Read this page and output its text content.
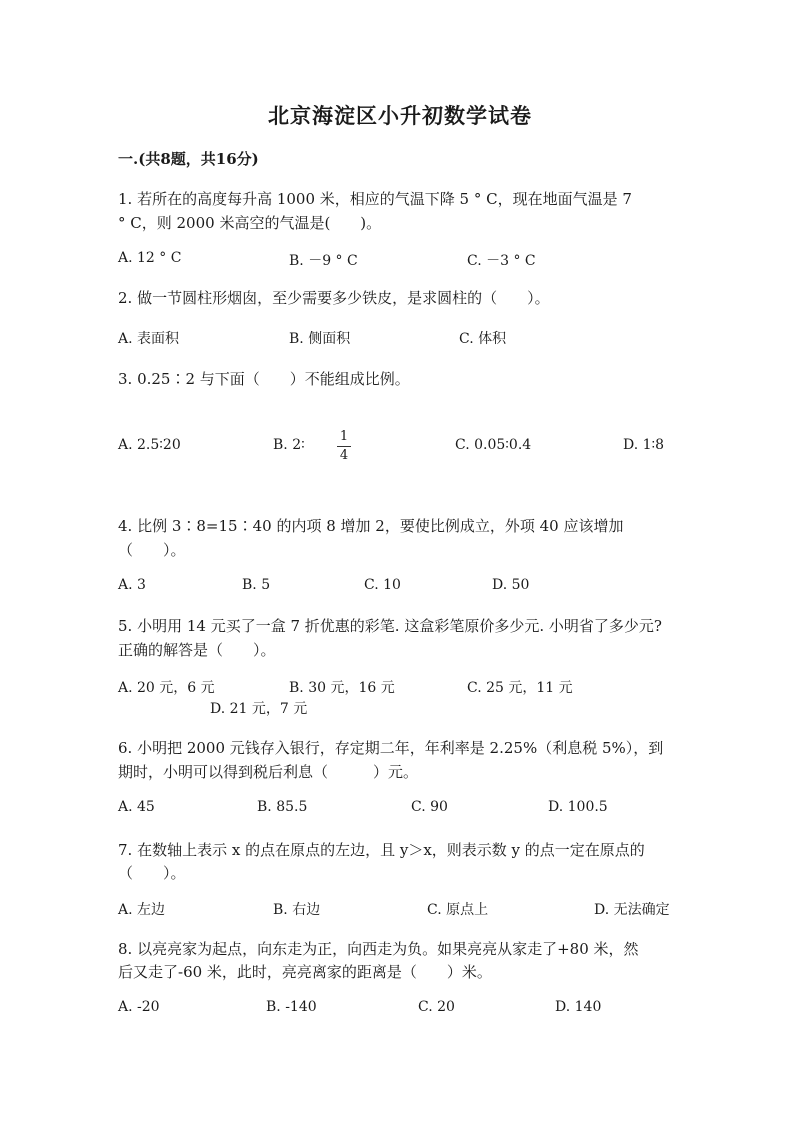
北京海淀区小升初数学试卷
一.(共8题，共16分)
1. 若所在的高度每升高 1000 米，相应的气温下降 5 ° C，现在地面气温是 7
° C，则 2000 米高空的气温是(　　)。
A. 12 ° C	B. －9 ° C	C. －3 ° C
2. 做一节圆柱形烟囱，至少需要多少铁皮，是求圆柱的（　　）。
A. 表面积	B. 侧面积	C. 体积
3. 0.25∶2 与下面（　　）不能组成比例。
A. 2.5∶20	B. 2∶
1
4
C. 0.05∶0.4	D. 1∶8
4. 比例 3∶8=15∶40 的内项 8 增加 2，要使比例成立，外项 40 应该增加
（　　）。
A. 3	B. 5	C. 10	D. 50
5. 小明用 14 元买了一盒 7 折优惠的彩笔. 这盒彩笔原价多少元. 小明省了多少元?
正确的解答是（　　）。
A. 20 元，6 元	B. 30 元，16 元	C. 25 元，11 元
D. 21 元，7 元
6. 小明把 2000 元钱存入银行，存定期二年，年利率是 2.25%（利息税 5%），到
期时，小明可以得到税后利息（　　　）元。
A. 45	B. 85.5	C. 90	D. 100.5
7. 在数轴上表示 x 的点在原点的左边，且 y＞x，则表示数 y 的点一定在原点的
（　　）。
A. 左边	B. 右边	C. 原点上	D. 无法确定
8. 以亮亮家为起点，向东走为正，向西走为负。如果亮亮从家走了+80 米，然
后又走了-60 米，此时，亮亮离家的距离是（　　）米。
A. -20	B. -140	C. 20	D. 140
